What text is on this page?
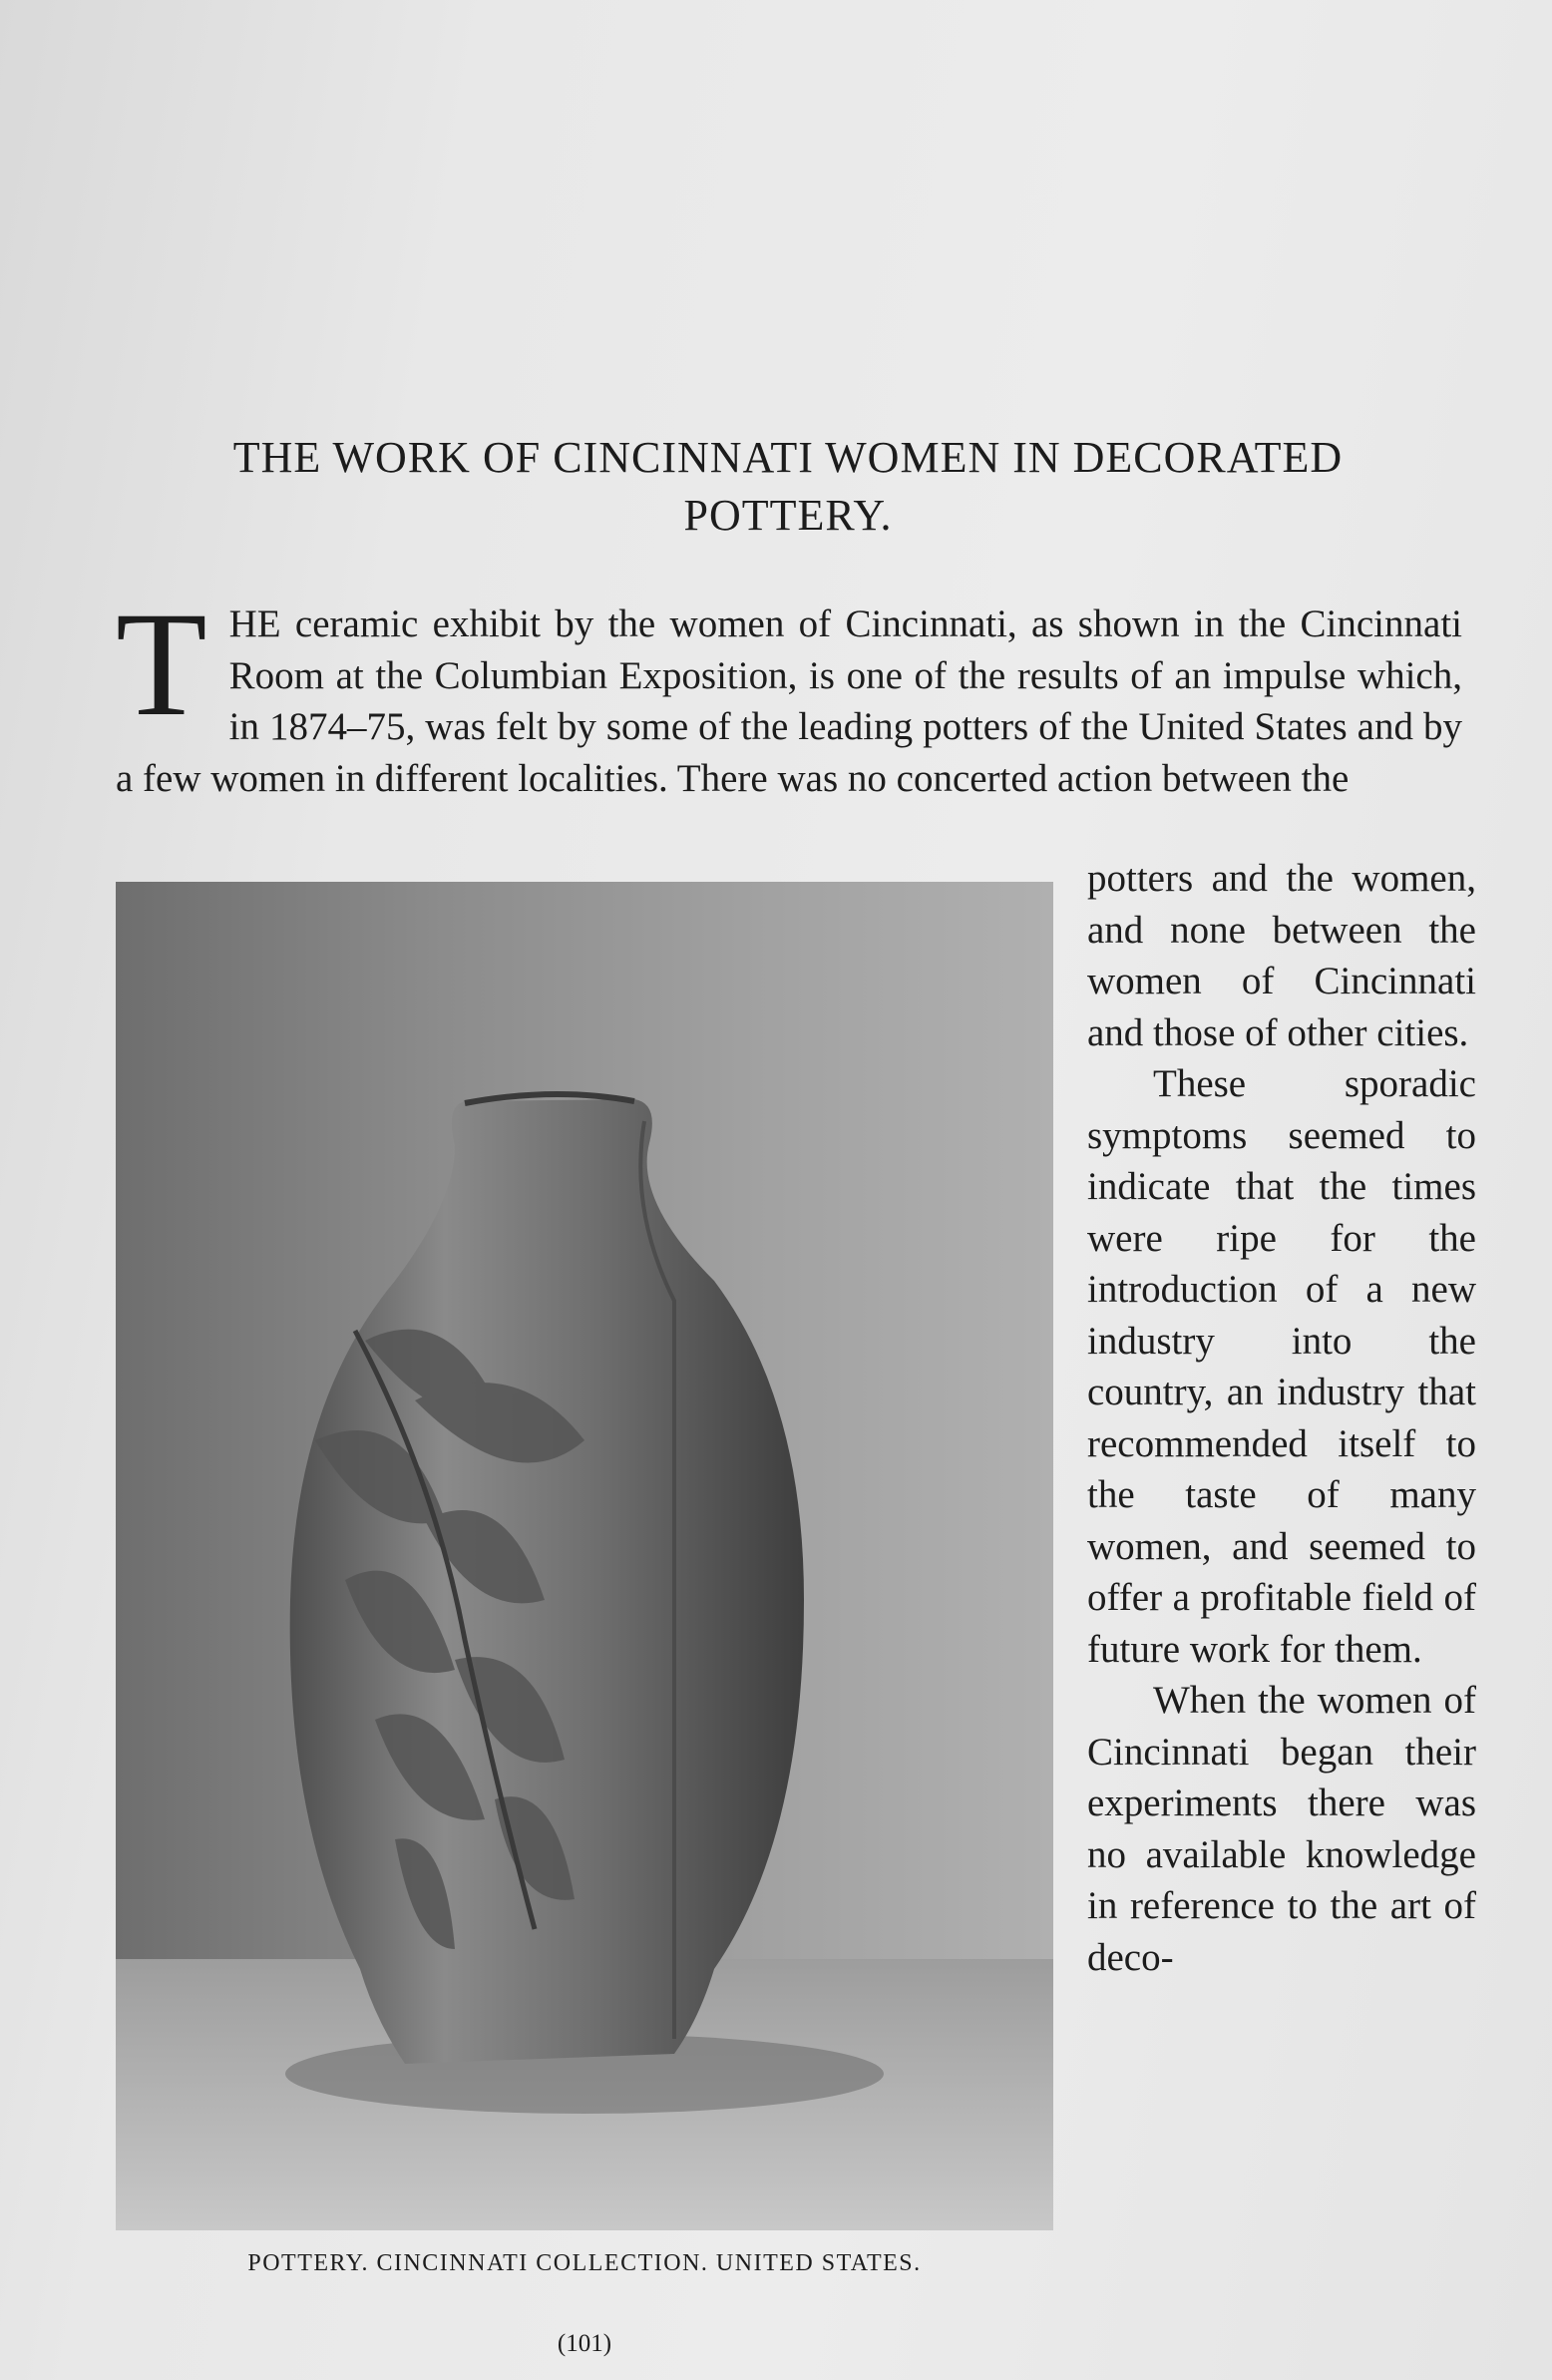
THE WORK OF CINCINNATI WOMEN IN DECORATED
POTTERY.

T HE ceramic exhibit by the women of Cincinnati, as shown in the Cincinnati Room at the Columbian Exposition, is one of the results of an impulse which, in 1874–75, was felt by some of the leading potters of the United States and by a few women in different localities. There was no concerted action between the

POTTERY. CINCINNATI COLLECTION. UNITED STATES.

potters and the women, and none between the women of Cincinnati and those of other cities.

These sporadic symptoms seemed to indicate that the times were ripe for the introduction of a new industry into the country, an industry that recommended itself to the taste of many women, and seemed to offer a profitable field of future work for them.

When the women of Cincinnati began their experiments there was no available knowledge in reference to the art of deco-

(101)
